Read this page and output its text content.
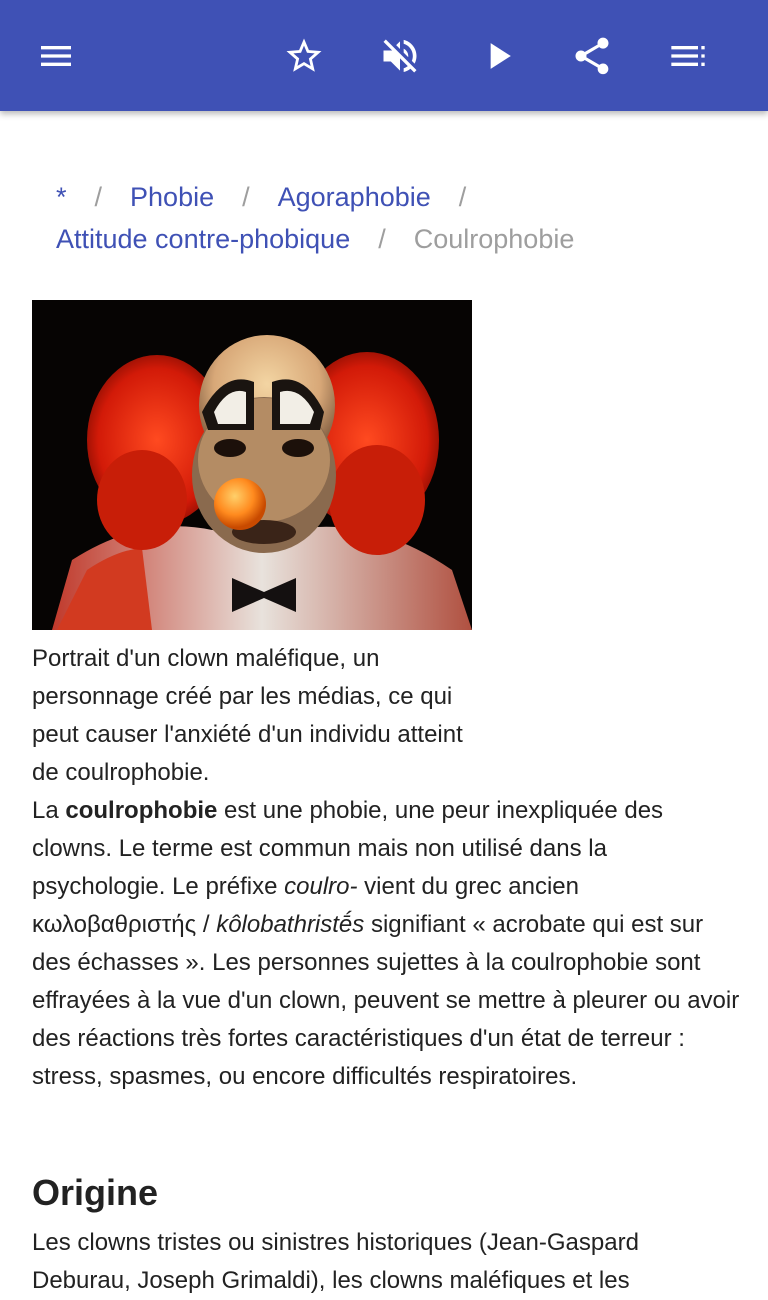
* / Phobie / Agoraphobie /
Attitude contre-phobique / Coulrophobie
Portrait d'un clown maléfique, un personnage créé par les médias, ce qui peut causer l'anxiété d'un individu atteint de coulrophobie.

La coulrophobie est une phobie, une peur inexpliquée des clowns. Le terme est commun mais non utilisé dans la psychologie. Le préfixe coulro- vient du grec ancien κωλοβαθριστής / kôlobathristḗs signifiant « acrobate qui est sur des échasses ». Les personnes sujettes à la coulrophobie sont effrayées à la vue d'un clown, peuvent se mettre à pleurer ou avoir des réactions très fortes caractéristiques d'un état de terreur : stress, spasmes, ou encore difficultés respiratoires.

Origine

Les clowns tristes ou sinistres historiques (Jean-Gaspard Deburau, Joseph Grimaldi), les clowns maléfiques et les
